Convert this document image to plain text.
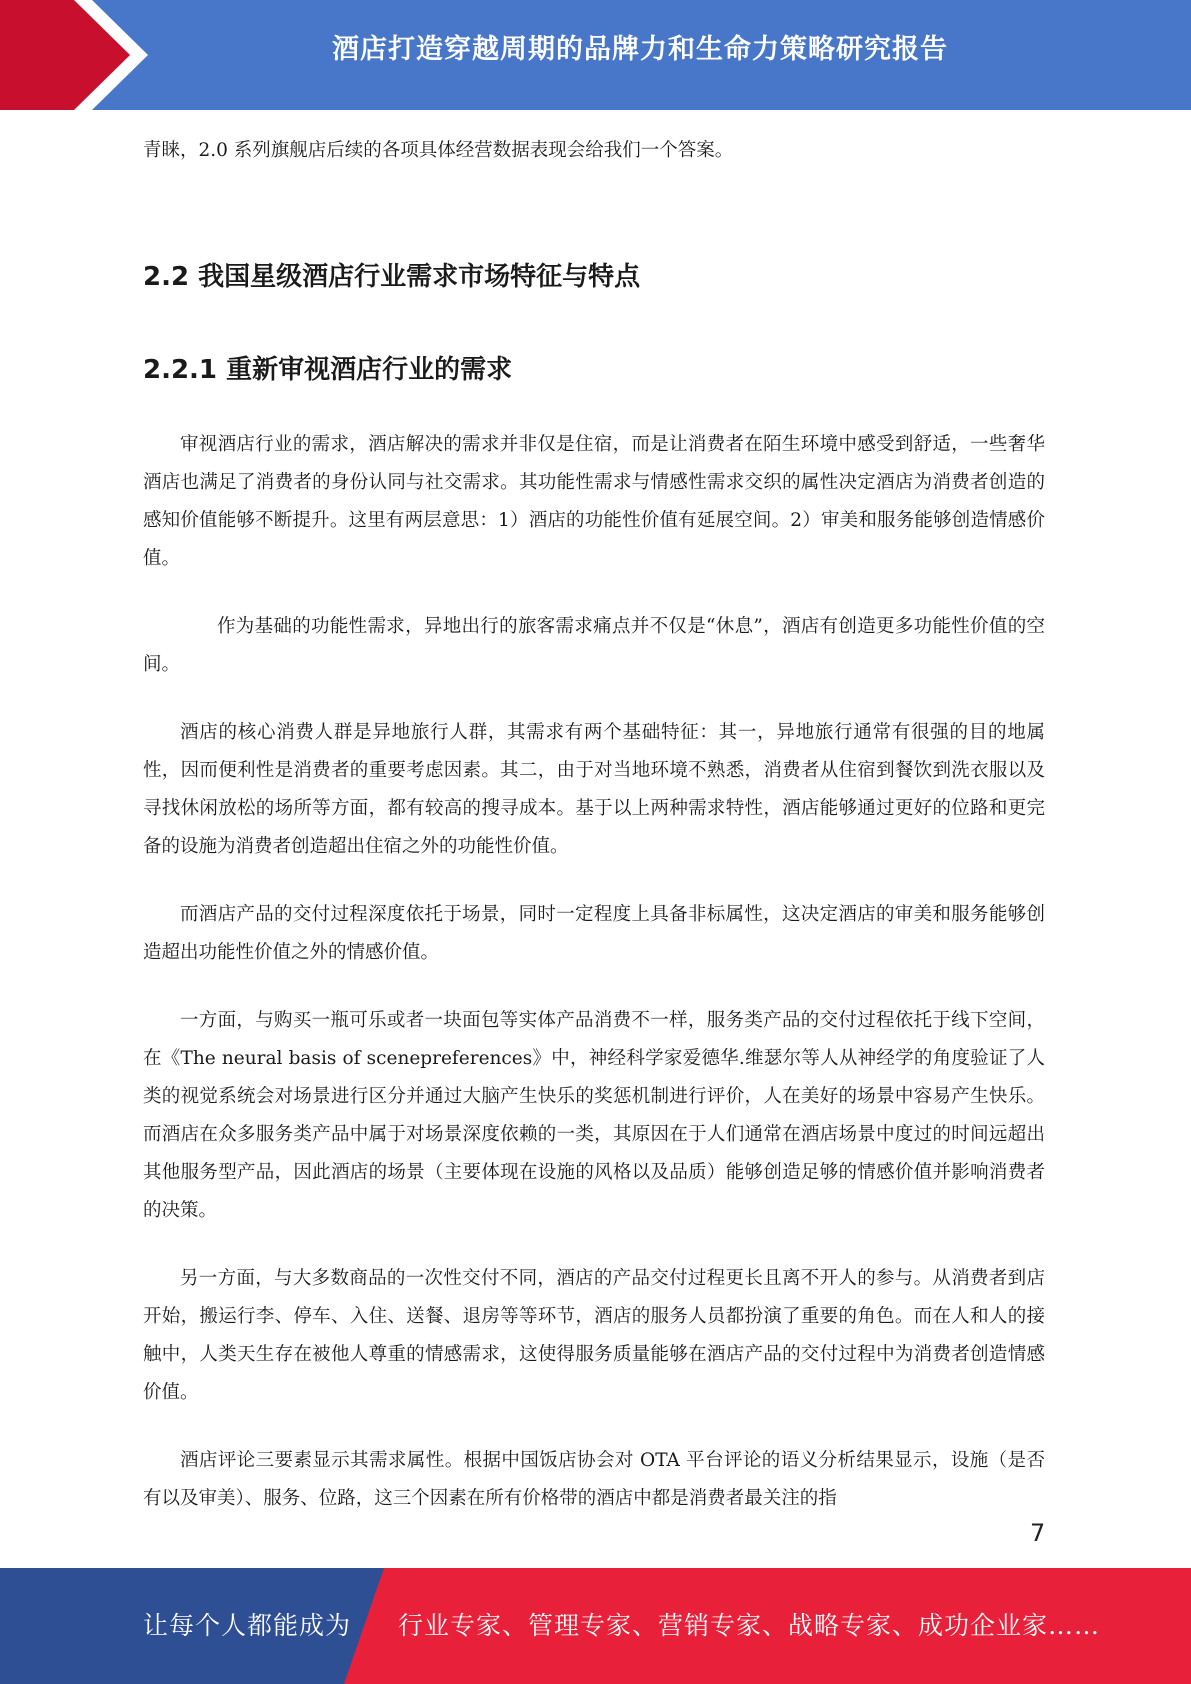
酒店打造穿越周期的品牌力和生命力策略研究报告

青睐，2.0 系列旗舰店后续的各项具体经营数据表现会给我们一个答案。

2.2 我国星级酒店行业需求市场特征与特点
2.2.1 重新审视酒店行业的需求

审视酒店行业的需求，酒店解决的需求并非仅是住宿，而是让消费者在陌生环境中感受到舒适，一些奢华酒店也满足了消费者的身份认同与社交需求。其功能性需求与情感性需求交织的属性决定酒店为消费者创造的感知价值能够不断提升。这里有两层意思：1）酒店的功能性价值有延展空间。2）审美和服务能够创造情感价值。

作为基础的功能性需求，异地出行的旅客需求痛点并不仅是“休息”，酒店有创造更多功能性价值的空间。

酒店的核心消费人群是异地旅行人群，其需求有两个基础特征：其一，异地旅行通常有很强的目的地属性，因而便利性是消费者的重要考虑因素。其二，由于对当地环境不熟悉，消费者从住宿到餐饮到洗衣服以及寻找休闲放松的场所等方面，都有较高的搜寻成本。基于以上两种需求特性，酒店能够通过更好的位路和更完备的设施为消费者创造超出住宿之外的功能性价值。

而酒店产品的交付过程深度依托于场景，同时一定程度上具备非标属性，这决定酒店的审美和服务能够创造超出功能性价值之外的情感价值。

一方面，与购买一瓶可乐或者一块面包等实体产品消费不一样，服务类产品的交付过程依托于线下空间，在《The neural basis of scenepreferences》中，神经科学家爱德华.维瑟尔等人从神经学的角度验证了人类的视觉系统会对场景进行区分并通过大脑产生快乐的奖惩机制进行评价，人在美好的场景中容易产生快乐。而酒店在众多服务类产品中属于对场景深度依赖的一类，其原因在于人们通常在酒店场景中度过的时间远超出其他服务型产品，因此酒店的场景（主要体现在设施的风格以及品质）能够创造足够的情感价值并影响消费者的决策。

另一方面，与大多数商品的一次性交付不同，酒店的产品交付过程更长且离不开人的参与。从消费者到店开始，搬运行李、停车、入住、送餐、退房等等环节，酒店的服务人员都扮演了重要的角色。而在人和人的接触中，人类天生存在被他人尊重的情感需求，这使得服务质量能够在酒店产品的交付过程中为消费者创造情感价值。

酒店评论三要素显示其需求属性。根据中国饭店协会对 OTA 平台评论的语义分析结果显示，设施（是否有以及审美）、服务、位路，这三个因素在所有价格带的酒店中都是消费者最关注的指

7
让每个人都能成为 行业专家、管理专家、营销专家、战略专家、成功企业家……
